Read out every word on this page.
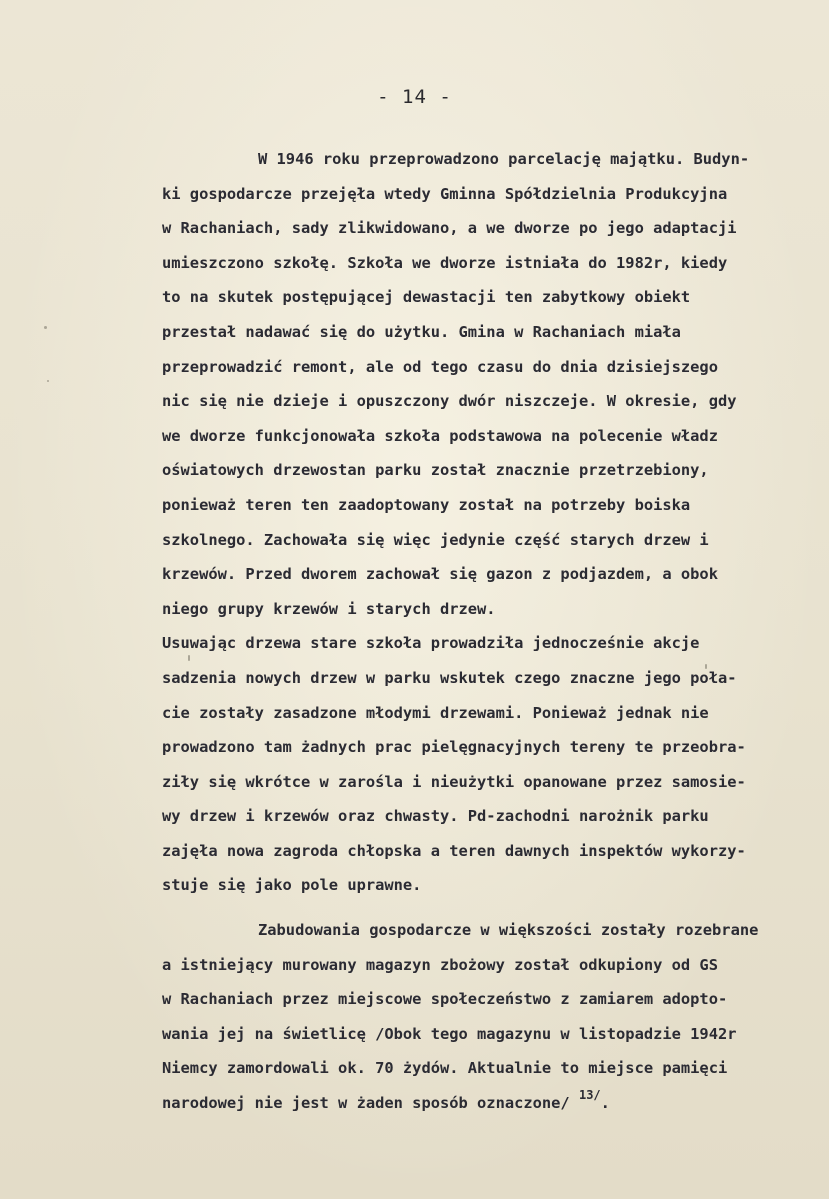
- 14 -
W 1946 roku przeprowadzono parcelację majątku. Budyn-
ki gospodarcze przejęła wtedy Gminna Spółdzielnia Produkcyjna
w Rachaniach, sady zlikwidowano, a we dworze po jego adaptacji
umieszczono szkołę. Szkoła we dworze istniała do 1982r, kiedy
to na skutek postępującej dewastacji ten zabytkowy obiekt
przestał nadawać się do użytku. Gmina w Rachaniach miała
przeprowadzić remont, ale od tego czasu do dnia dzisiejszego
nic się nie dzieje i opuszczony dwór niszczeje. W okresie, gdy
we dworze funkcjonowała szkoła podstawowa na polecenie władz
oświatowych drzewostan parku został znacznie przetrzebiony,
ponieważ teren ten zaadoptowany został na potrzeby boiska
szkolnego. Zachowała się więc jedynie część starych drzew i
krzewów. Przed dworem zachował się gazon z podjazdem, a obok
niego grupy krzewów i starych drzew.
Usuwając drzewa stare szkoła prowadziła jednocześnie akcje
sadzenia nowych drzew w parku wskutek czego znaczne jego poła-
cie zostały zasadzone młodymi drzewami. Ponieważ jednak nie
prowadzono tam żadnych prac pielęgnacyjnych tereny te przeobra-
ziły się wkrótce w zarośla i nieużytki opanowane przez samosie-
wy drzew i krzewów oraz chwasty. Pd-zachodni narożnik parku
zajęła nowa zagroda chłopska a teren dawnych inspektów wykorzy-
stuje się jako pole uprawne.
Zabudowania gospodarcze w większości zostały rozebrane
a istniejący murowany magazyn zbożowy został odkupiony od GS
w Rachaniach przez miejscowe społeczeństwo z zamiarem adopto-
wania jej na świetlicę /Obok tego magazynu w listopadzie 1942r
Niemcy zamordowali ok. 70 żydów. Aktualnie to miejsce pamięci
narodowej nie jest w żaden sposób oznaczone/ $^{13/}$.
